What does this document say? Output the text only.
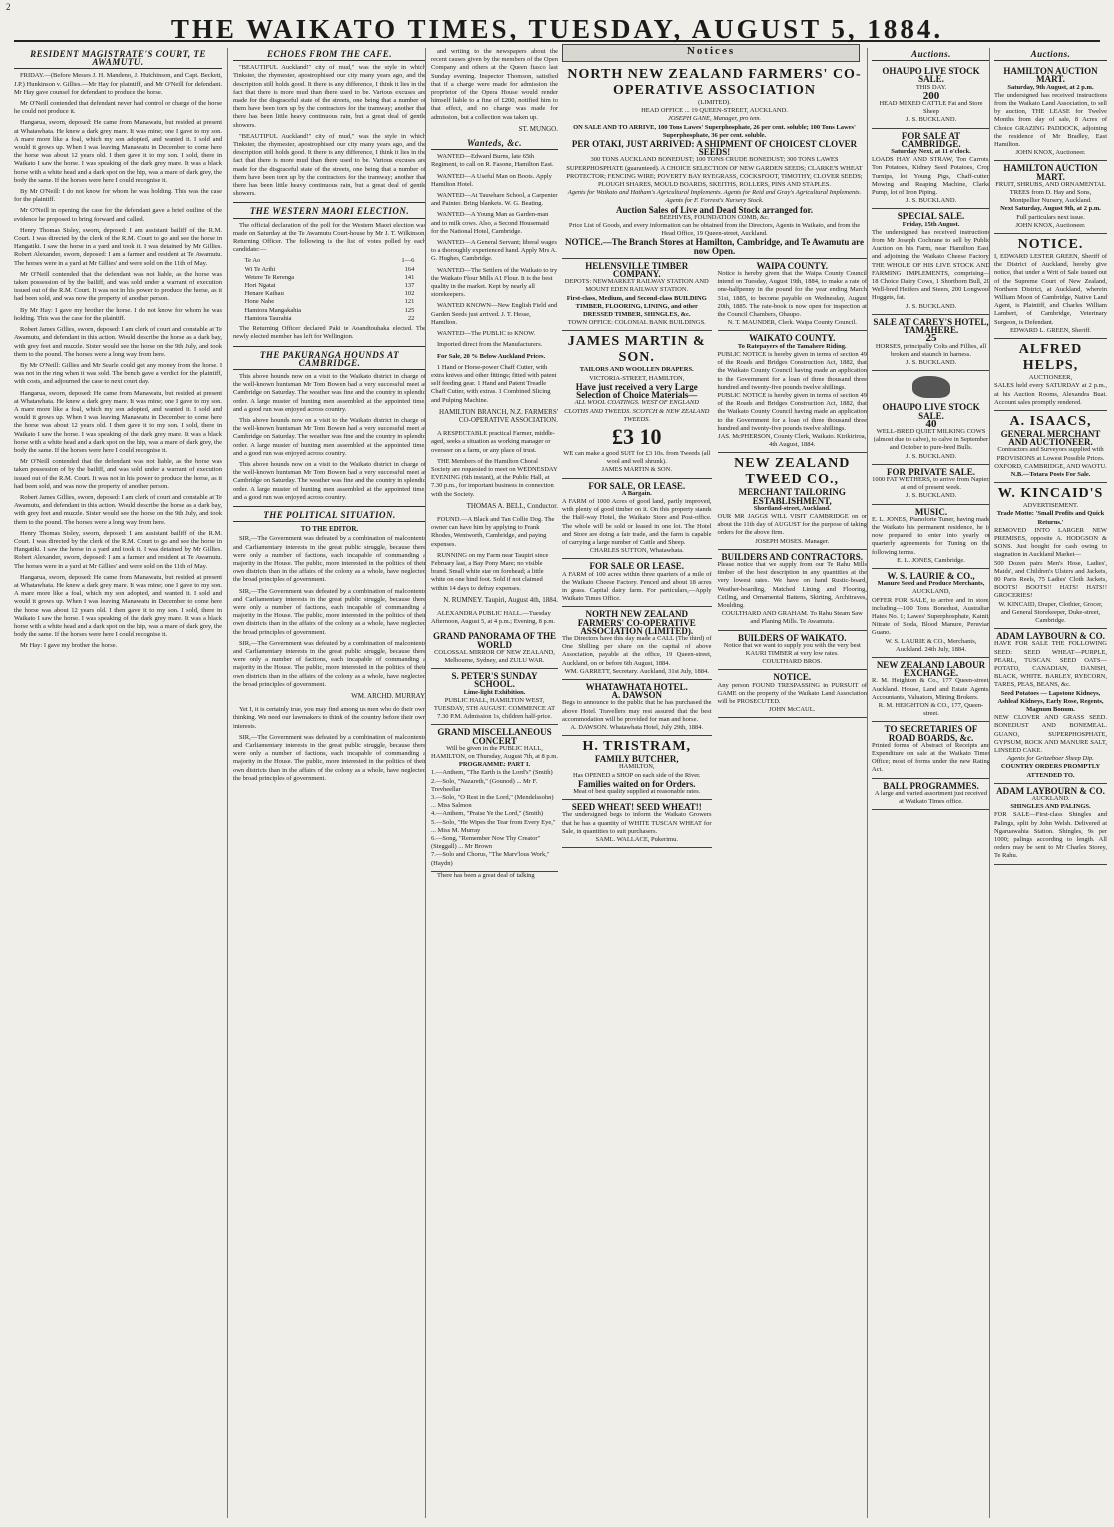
2
THE WAIKATO TIMES, TUESDAY, AUGUST 5, 1884.
RESIDENT MAGISTRATE'S COURT, TE AWAMUTU.

FRIDAY.—(Before Messrs J. H. Mandeno, J. Hutchinson, and Capt. Beckett, J.P.) Hunkinson v. Gillies.—Mr Hay for plaintiff, and Mr O'Neill for defendant. Mr Hay gave counsel for defendant to produce the horse.

Mr O'Neill contended that defendant never had control or charge of the horse he could not produce it.

Hangarua, sworn, deposed: He came from Manawatu, but resided at present at Whatawhata. He knew a dark grey mare. It was mine; one I gave to my son. A mare more like a foal, which my son adopted, and wanted it. I sold and would it grows up. When I was leaving Manawatu in December to come here the horse was about 12 years old. I then gave it to my son. I sold, there in Waikato I saw the horse. I was speaking of the dark grey mare. It was a black horse with a white head and a dark spot on the hip, was a mare of dark grey, the body the same. If the horses were here I could recognise it.

By Mr O'Neill: I do not know for whom he was holding. This was the case for the plaintiff.

Mr O'Neill in opening the case for the defendant gave a brief outline of the evidence he proposed to bring forward and called.

Henry Thomas Sisley, sworn, deposed: I am assistant bailiff of the R.M. Court. I was directed by the clerk of the R.M. Court to go and see the horse in Hangatiki. I saw the horse in a yard and took it. I was detained by Mr Gillies. Robert Alexander, sworn, deposed: I am a farmer and resident at Te Awamutu. The horses were in a yard at Mr Gillies' and were sold on the 11th of May.

Mr O'Neill contended that the defendant was not liable, as the horse was taken possession of by the bailiff, and was sold under a warrant of execution issued out of the R.M. Court. It was not in his power to produce the horse, as it had been sold, and was now the property of another person.

By Mr Hay: I gave my brother the horse. I do not know for whom he was holding. This was the case for the plaintiff.

Robert James Gillies, sworn, deposed: I am clerk of court and constable at Te Awamutu, and defendant in this action. Would describe the horse as a dark bay, with grey feet and muzzle. Sister would see the horse on the 9th July, and took them to the pound. The horses were a long way from here.

By Mr O'Neill: Gillies and Mr Searle could get any money from the horse. I was not in the ring when it was sold. The bench gave a verdict for the plaintiff, with costs, and adjourned the case to next court day.

Hangarua, sworn, deposed: He came from Manawatu, but resided at present at Whatawhata. He knew a dark grey mare. It was mine; one I gave to my son. A mare more like a foal, which my son adopted, and wanted it. I sold and would it grows up. When I was leaving Manawatu in December to come here the horse was about 12 years old. I then gave it to my son. I sold, there in Waikato I saw the horse. I was speaking of the dark grey mare. It was a black horse with a white head and a dark spot on the hip, was a mare of dark grey, the body the same. If the horses were here I could recognise it.

Mr O'Neill contended that the defendant was not liable, as the horse was taken possession of by the bailiff, and was sold under a warrant of execution issued out of the R.M. Court. It was not in his power to produce the horse, as it had been sold, and was now the property of another person.

Robert James Gillies, sworn, deposed: I am clerk of court and constable at Te Awamutu, and defendant in this action. Would describe the horse as a dark bay, with grey feet and muzzle. Sister would see the horse on the 9th July, and took them to the pound. The horses were a long way from here.

Henry Thomas Sisley, sworn, deposed: I am assistant bailiff of the R.M. Court. I was directed by the clerk of the R.M. Court to go and see the horse in Hangatiki. I saw the horse in a yard and took it. I was detained by Mr Gillies. Robert Alexander, sworn, deposed: I am a farmer and resident at Te Awamutu. The horses were in a yard at Mr Gillies' and were sold on the 11th of May.

Hangarua, sworn, deposed: He came from Manawatu, but resided at present at Whatawhata. He knew a dark grey mare. It was mine; one I gave to my son. A mare more like a foal, which my son adopted, and wanted it. I sold and would it grows up. When I was leaving Manawatu in December to come here the horse was about 12 years old. I then gave it to my son. I sold, there in Waikato I saw the horse. I was speaking of the dark grey mare. It was a black horse with a white head and a dark spot on the hip, was a mare of dark grey, the body the same. If the horses were here I could recognise it.

Mr Hay: I gave my brother the horse.

ECHOES FROM THE CAFE.

"BEAUTIFUL Auckland!" city of mud," was the style in which Tinkster, the rhymester, apostrophised our city many years ago, and the description still holds good. It there is any difference, I think it lies in the fact that there is more mud than there used to be. Various excuses are made for the disgraceful state of the streets, one being that a number of them have been torn up by the contractors for the tramway; another that there has been little heavy continuous rain, but a great deal of gentle showers.

"BEAUTIFUL Auckland!" city of mud," was the style in which Tinkster, the rhymester, apostrophised our city many years ago, and the description still holds good. It there is any difference, I think it lies in the fact that there is more mud than there used to be. Various excuses are made for the disgraceful state of the streets, one being that a number of them have been torn up by the contractors for the tramway; another that there has been little heavy continuous rain, but a great deal of gentle showers.

THE WESTERN MAORI ELECTION.

The official declaration of the poll for the Western Maori election was made on Saturday at the Te Awamutu Court-house by Mr J. T. Wilkinson, Returning Officer. The following is the list of votes polled by each candidate:—

Te Ao	1—6
Wi Te Arihi	164
Wetere Te Rerenga	141
Hori Ngatai	137
Henare Kaihau	102
Hone Nahe	121
Hamiora Mangakahia	125
Hamiora Taurahia	22

The Returning Officer declared Paki te Aoandtouhaka elected. The newly elected member has left for Wellington.

THE PAKURANGA HOUNDS AT CAMBRIDGE.

This above hounds now on a visit to the Waikato district in charge of the well-known huntsman Mr Tom Bowen had a very successful meet at Cambridge on Saturday. The weather was fine and the country in splendid order. A large muster of hunting men assembled at the appointed time, and a good run was enjoyed across country.

This above hounds now on a visit to the Waikato district in charge of the well-known huntsman Mr Tom Bowen had a very successful meet at Cambridge on Saturday. The weather was fine and the country in splendid order. A large muster of hunting men assembled at the appointed time, and a good run was enjoyed across country.

This above hounds now on a visit to the Waikato district in charge of the well-known huntsman Mr Tom Bowen had a very successful meet at Cambridge on Saturday. The weather was fine and the country in splendid order. A large muster of hunting men assembled at the appointed time, and a good run was enjoyed across country.

THE POLITICAL SITUATION.
TO THE EDITOR.

SIR,—The Government was defeated by a combination of malcontents and Carliamentary interests in the great public struggle, because there were only a number of factions, each incapable of commanding a majority in the House. The public, more interested in the politics of their own districts than in the affairs of the colony as a whole, have neglected the broad principles of government.

SIR,—The Government was defeated by a combination of malcontents and Carliamentary interests in the great public struggle, because there were only a number of factions, each incapable of commanding a majority in the House. The public, more interested in the politics of their own districts than in the affairs of the colony as a whole, have neglected the broad principles of government.

SIR,—The Government was defeated by a combination of malcontents and Carliamentary interests in the great public struggle, because there were only a number of factions, each incapable of commanding a majority in the House. The public, more interested in the politics of their own districts than in the affairs of the colony as a whole, have neglected the broad principles of government.

WM. ARCHD. MURRAY.

Yet I, it is certainly true, you may find among us men who do their own thinking. We need our lawmakers to think of the country before their own interests.

SIR,—The Government was defeated by a combination of malcontents and Carliamentary interests in the great public struggle, because there were only a number of factions, each incapable of commanding a majority in the House. The public, more interested in the politics of their own districts than in the affairs of the colony as a whole, have neglected the broad principles of government.

and writing to the newspapers about the recent causes given by the members of the Open Company and others at the Queen fiasco last Sunday evening. Inspector Thomson, satisfied that if a charge were made for admission the proprietor of the Opera House would render himself liable to a fine of £200, notified him to that effect, and no charge was made for admission, but a collection was taken up.

ST. MUNGO.
Wanteds, &c.

WANTED—Edward Burns, late 65th Regiment, to call on R. Fasone, Hamilton East.

WANTED—A Useful Man on Boots. Apply Hamilton Hotel.

WANTED—At Tauwhare School, a Carpenter and Painter. Bring blankets. W. G. Beating.

WANTED—A Young Man as Garden-man and to milk cows. Also, a Second Housemaid for the National Hotel, Cambridge.

WANTED—A General Servant; liberal wages to a thoroughly experienced hand. Apply Mrs A. G. Hughes, Cambridge.

WANTED—The Settlers of the Waikato to try the Waikato Flour Mills A1 Flour. It is the best quality in the market. Kept by nearly all storekeepers.

WANTED KNOWN—New English Field and Garden Seeds just arrived. J. T. Hesse, Hamilton.

WANTED—The PUBLIC to KNOW.

Imported direct from the Manufacturers.

For Sale, 20 % Below Auckland Prices.

1 Hand or Horse-power Chaff Cutter, with extra knives and other fittings; fitted with patent self feeding gear. 1 Hand and Patent Treadle Chaff Cutter, with extras. 1 Combined Slicing and Pulping Machine.

HAMILTON BRANCH, N.Z. FARMERS' CO-OPERATIVE ASSOCIATION.

A RESPECTABLE practical Farmer, middle-aged, seeks a situation as working manager or overseer on a farm, or any place of trust.

THE Members of the Hamilton Choral Society are requested to meet on WEDNESDAY EVENING (6th instant), at the Public Hall, at 7.30 p.m., for important business in connection with the Society.

THOMAS A. BELL, Conductor.

FOUND.—A Black and Tan Collie Dog. The owner can have him by applying to Frank Rhodes, Wentworth, Cambridge, and paying expenses.

RUNNING on my Farm near Taupiri since February last, a Bay Pony Mare; no visible brand. Small white star on forehead; a little white on one hind foot. Sold if not claimed within 14 days to defray expenses.

N. RUMNEY. Taupiri, August 4th, 1884.

ALEXANDRA PUBLIC HALL.—Tuesday Afternoon, August 5, at 4 p.m.; Evening, 8 p.m.

GRAND PANORAMA OF THE WORLD
COLOSSAL MIRROR OF NEW ZEALAND, Melbourne, Sydney, and ZULU WAR.
S. PETER'S SUNDAY SCHOOL.
Lime-light Exhibition.
PUBLIC HALL, HAMILTON WEST, TUESDAY, 5TH AUGUST. COMMENCE AT 7.30 P.M. Admission 1s, children half-price.
GRAND MISCELLANEOUS CONCERT
Will be given in the PUBLIC HALL, HAMILTON, on Thursday, August 7th, at 8 p.m.
PROGRAMME: PART I.
1.—Anthem, "The Earth is the Lord's" (Smith)
2.—Solo, "Nazareth," (Gounod) ... Mr F. Trevheellar
3.—Solo, "O Rest in the Lord," (Mendelssohn) ... Miss Salmon
4.—Anthem, "Praise Ye the Lord," (Smith)
5.—Solo, "He Wipes the Tear from Every Eye," ... Miss M. Murray
6.—Song, "Remember Now Thy Creator" (Steggall) ... Mr Brown
7.—Solo and Chorus, "The Marv'lous Work," (Haydn)

There has been a great deal of talking

Notices
NORTH NEW ZEALAND FARMERS' CO-OPERATIVE ASSOCIATION
(LIMITED).
HEAD OFFICE ... 19 QUEEN-STREET, AUCKLAND.
JOSEPH GANE, Manager, pro tem.
ON SALE AND TO ARRIVE, 100 Tons Lawes' Superphosphate, 26 per cent. soluble; 100 Tons Lawes' Superphosphate, 36 per cent. soluble.
PER OTAKI, JUST ARRIVED: A SHIPMENT OF CHOICEST CLOVER SEEDS!
300 TONS AUCKLAND BONEDUST; 100 TONS CRUDE BONEDUST; 300 TONS LAWES SUPERPHOSPHATE (guaranteed). A CHOICE SELECTION OF NEW GARDEN SEEDS; CLARKE'S WHEAT PROTECTOR; FENCING WIRE; POVERTY BAY RYEGRASS, COCKSFOOT, TIMOTHY, CLOVER SEEDS; PLOUGH SHARES, MOULD BOARDS, SKEITHS, ROLLERS, PINS AND STAPLES.
Agents for Waikato and Hatham's Agricultural Implements. Agents for Reid and Gray's Agricultural Implements. Agents for F. Forrest's Nursery Stock.
Auction Sales of Live and Dead Stock arranged for.
BEEHIVES, FOUNDATION COMB, &c.
Price List of Goods, and every information can be obtained from the Directors, Agents in Waikato, and from the Head Office, 19 Queen-street, Auckland.
NOTICE.—The Branch Stores at Hamilton, Cambridge, and Te Awamutu are now Open.
HELENSVILLE TIMBER COMPANY.
DEPOTS: NEWMARKET RAILWAY STATION AND MOUNT EDEN RAILWAY STATION.
First-class, Medium, and Second-class BUILDING TIMBER, FLOORING, LINING, and other DRESSED TIMBER, SHINGLES, &c.
TOWN OFFICE: COLONIAL BANK BUILDINGS.
JAMES MARTIN & SON.
TAILORS AND WOOLLEN DRAPERS.
VICTORIA-STREET, HAMILTON,
Have just received a very Large Selection of Choice Materials—
ALL WOOL COATINGS. WEST OF ENGLAND CLOTHS AND TWEEDS. SCOTCH & NEW ZEALAND TWEEDS.
£3 10
WE can make a good SUIT for £3 10s. from Tweeds (all wool and well shrunk).
JAMES MARTIN & SON.
FOR SALE, OR LEASE.
A Bargain.
A FARM of 1000 Acres of good land, partly improved, with plenty of good timber on it. On this property stands the Half-way Hotel, the Waikato Store and Post-office. The whole will be sold or leased in one lot. The Hotel and Store are doing a fair trade, and the farm is capable of carrying a large number of Cattle and Sheep.
CHARLES SUTTON, Whatawhata.
FOR SALE OR LEASE.
A FARM of 100 acres within three quarters of a mile of the Waikato Cheese Factory. Fenced and about 18 acres in grass. Capital dairy farm. For particulars,—Apply Waikato Times Office.
NORTH NEW ZEALAND FARMERS' CO-OPERATIVE ASSOCIATION (LIMITED).
The Directors have this day made a CALL (The third) of One Shilling per share on the capital of above Association, payable at the office, 19 Queen-street, Auckland, on or before 6th August, 1884.
WM. GARRETT, Secretary. Auckland, 31st July, 1884.
WHATAWHATA HOTEL.
A. DAWSON
Begs to announce to the public that he has purchased the above Hotel. Travellers may rest assured that the best accommodation will be provided for man and horse.
A. DAWSON. Whatawhata Hotel, July 29th, 1884.
H. TRISTRAM,
FAMILY BUTCHER,
HAMILTON,
Has OPENED a SHOP on each side of the River.
Families waited on for Orders.
Meat of best quality supplied at reasonable rates.
SEED WHEAT! SEED WHEAT!!
The undersigned begs to inform the Waikato Growers that he has a quantity of WHITE TUSCAN WHEAT for Sale, in quantities to suit purchasers.
SAML. WALLACE, Pukerimu.
WAIPA COUNTY.
Notice is hereby given that the Waipa County Council intend on Tuesday, August 19th, 1884, to make a rate of one-halfpenny in the pound for the year ending March 31st, 1885, to become payable on Wednesday, August 20th, 1885. The rate-book is now open for inspection at the Council Chambers, Ohaupo.
N. T. MAUNDER, Clerk. Waipa County Council.
WAIKATO COUNTY.
To Ratepayers of the Tamahere Riding.
PUBLIC NOTICE is hereby given in terms of section 49 of the Roads and Bridges Construction Act, 1882, that the Waikato County Council having made an application to the Government for a loan of three thousand three hundred and twenty-five pounds twelve shillings.
PUBLIC NOTICE is hereby given in terms of section 49 of the Roads and Bridges Construction Act, 1882, that the Waikato County Council having made an application to the Government for a loan of three thousand three hundred and twenty-five pounds twelve shillings.
JAS. McPHERSON, County Clerk, Waikato. Kirikiriroa, 4th August, 1884.
NEW ZEALAND TWEED CO.,
MERCHANT TAILORING ESTABLISHMENT,
Shortland-street, Auckland.
OUR MR JAGGS WILL VISIT CAMBRIDGE on or about the 11th day of AUGUST for the purpose of taking orders for the above firm.
JOSEPH MOSES. Manager.
BUILDERS AND CONTRACTORS.
Please notice that we supply from our Te Rahu Mills timber of the best description in any quantities at the very lowest rates. We have on hand Rustic-board, Weather-boarding, Matched Lining and Flooring, Ceiling, and Ornamental Battens, Skirting, Architraves, Moulding.
COULTHARD AND GRAHAM. To Rahu Steam Saw and Planing Mills. Te Awamutu.
BUILDERS OF WAIKATO.
Notice that we want to supply you with the very best KAURI TIMBER at very low rates.
COULTHARD BROS.
NOTICE.
Any person FOUND TRESPASSING in PURSUIT of GAME on the property of the Waikato Land Association will be PROSECUTED.
JOHN McCAUL.
Auctions.
OHAUPO LIVE STOCK SALE.
THIS DAY.
200
HEAD MIXED CATTLE Fat and Store Sheep
J. S. BUCKLAND.
FOR SALE AT CAMBRIDGE.
Saturday Next, at 11 o'clock.
LOADS HAY AND STRAW, Ton Carrots, Ton Potatoes, Kidney Seed Potatoes, Crop Turnips, lot Young Pigs, Chaff-cutter, Mowing and Reaping Machine, Clarke Pump, lot of Iron Piping.
J. S. BUCKLAND.
SPECIAL SALE.
Friday, 15th August.
The undersigned has received instructions from Mr Joseph Cochrane to sell by Public Auction on his Farm, near Hamilton East, and adjoining the Waikato Cheese Factory, THE WHOLE OF HIS LIVE STOCK AND FARMING IMPLEMENTS, comprising— 18 Choice Dairy Cows, 1 Shorthorn Bull, 20 Well-bred Heifers and Steers, 200 Longwool Hoggets, fat.
J. S. BUCKLAND.
SALE AT CAREY'S HOTEL, TAMAHERE.
25
HORSES, principally Colts and Fillies, all broken and staunch in harness.
J. S. BUCKLAND.
OHAUPO LIVE STOCK SALE.
40
WELL-BRED QUIET MILKING COWS (almost due to calve), to calve in September and October to pure-bred Bulls.
J. S. BUCKLAND.
FOR PRIVATE SALE.
1000 FAT WETHERS, to arrive from Napier, at end of present week.
J. S. BUCKLAND.
MUSIC.
E. L. JONES, Pianoforte Tuner, having made the Waikato his permanent residence, he is now prepared to enter into yearly or quarterly agreements for Tuning on the following terms.
E. L. JONES, Cambridge.
W. S. LAURIE & CO.,
Manure Seed and Produce Merchants,
AUCKLAND,
OFFER FOR SALE, to arrive and in store, including—100 Tons Bonedust, Australian Hates No. 1; Lawes' Superphosphate, Kainit, Nitrate of Soda, Blood Manure, Peruvian Guano.
W. S. LAURIE & CO., Merchants, Auckland. 24th July, 1884.
NEW ZEALAND LABOUR EXCHANGE.
R. M. Heighton & Co., 177 Queen-street, Auckland. House, Land and Estate Agents, Accountants, Valuators, Mining Brokers.
R. M. HEIGHTON & CO., 177, Queen-street.
TO SECRETARIES OF ROAD BOARDS, &c.
Printed forms of Abstract of Receipts and Expenditure on sale at the Waikato Times Office; most of forms under the new Rating Act.
BALL PROGRAMMES.
A large and varied assortment just received at Waikato Times office.
Auctions.
HAMILTON AUCTION MART.
Saturday, 9th August, at 2 p.m.
The undersigned has received instructions from the Waikato Land Association, to sell by auction, THE LEASE for Twelve Months from day of sale, 8 Acres of Choice GRAZING PADDOCK, adjoining the residence of Mr Bradley, East Hamilton.
JOHN KNOX, Auctioneer.
HAMILTON AUCTION MART.
FRUIT, SHRUBS, AND ORNAMENTAL TREES from D. Hay and Sons, Montpellier Nursery, Auckland.
Next Saturday, August 9th, at 2 p.m.
Full particulars next issue.
JOHN KNOX, Auctioneer.
NOTICE.
I, EDWARD LESTER GREEN, Sheriff of the District of Auckland, hereby give notice, that under a Writ of Sale issued out of the Supreme Court of New Zealand, Northern District, at Auckland, wherein William Moon of Cambridge, Native Land Agent, is Plaintiff, and Charles William Lambert, of Cambridge, Veterinary Surgeon, is Defendant.
EDWARD L. GREEN, Sheriff.
ALFRED HELPS,
AUCTIONEER,
SALES held every SATURDAY at 2 p.m., at his Auction Rooms, Alexandra Buat. Account sales promptly rendered.
A. ISAACS,
GENERAL MERCHANT AND AUCTIONEER.
Contractors and Surveyors supplied with PROVISIONS at Lowest Possible Prices.
OXFORD, CAMBRIDGE, AND WAOTU.
N.B.—Totara Posts For Sale.
W. KINCAID'S
ADVERTISEMENT.
Trade Motto: 'Small Profits and Quick Returns.'
REMOVED INTO LARGER NEW PREMISES, opposite A. HODGSON & SONS. Just bought for cash owing to stagnation in Auckland Market—
500 Dozen pairs Men's Hose, Ladies', Maids', and Children's Ulsters and Jackets, 80 Paris Reels, 75 Ladies' Cloth Jackets, BOOTS! BOOTS!! HATS! HATS!! GROCERIES!
W. KINCAID, Draper, Clothier, Grocer, and General Storekeeper, Duke-street, Cambridge.
ADAM LAYBOURN & CO.
HAVE FOR SALE THE FOLLOWING SEED: SEED WHEAT—PURPLE, PEARL, TUSCAN. SEED OATS—POTATO, CANADIAN, DANISH, BLACK, WHITE. BARLEY, RYECORN, TARES, PEAS, BEANS, &c.
Seed Potatoes — Lapstone Kidneys, Ashleaf Kidneys, Early Rose, Regents, Magnum Bonum.
NEW CLOVER AND GRASS SEED. BONEDUST AND BONEMEAL. GUANO, SUPERPHOSPHATE, GYPSUM, ROCK AND MANURE SALT, LINSEED CAKE.
Agents for Gritzeboer Sheep Dip.
COUNTRY ORDERS PROMPTLY ATTENDED TO.
ADAM LAYBOURN & CO.
AUCKLAND.
SHINGLES AND PALINGS.
FOR SALE—First-class Shingles and Palings, split by John Welsh. Delivered at Ngaruawahia Station. Shingles, 9s per 1000; palings according to length. All orders may be sent to Mr Charles Storey, Te Rahu.
